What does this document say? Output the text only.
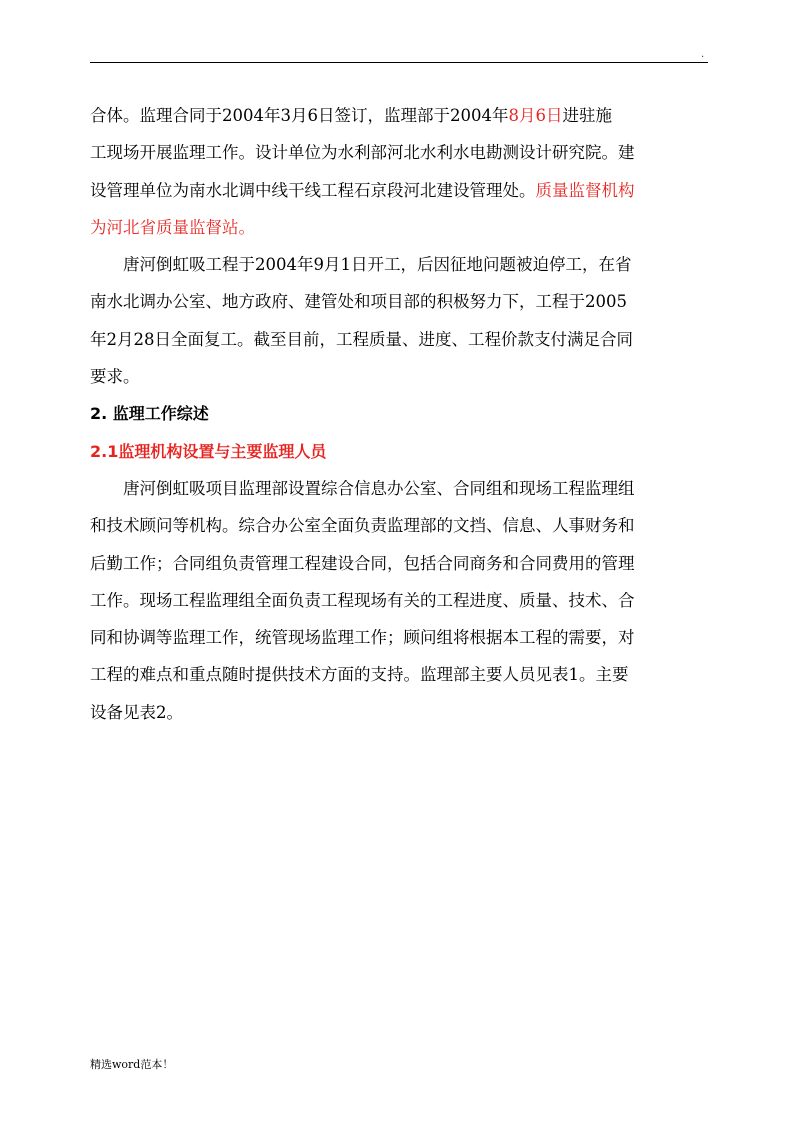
.
合体。监理合同于2004年3月6日签订，监理部于2004年8月6日进驻施
工现场开展监理工作。设计单位为水利部河北水利水电勘测设计研究院。建
设管理单位为南水北调中线干线工程石京段河北建设管理处。质量监督机构
为河北省质量监督站。
唐河倒虹吸工程于2004年9月1日开工，后因征地问题被迫停工，在省
南水北调办公室、地方政府、建管处和项目部的积极努力下，工程于2005
年2月28日全面复工。截至目前，工程质量、进度、工程价款支付满足合同
要求。
2. 监理工作综述
2.1监理机构设置与主要监理人员
唐河倒虹吸项目监理部设置综合信息办公室、合同组和现场工程监理组
和技术顾问等机构。综合办公室全面负责监理部的文挡、信息、人事财务和
后勤工作；合同组负责管理工程建设合同，包括合同商务和合同费用的管理
工作。现场工程监理组全面负责工程现场有关的工程进度、质量、技术、合
同和协调等监理工作，统管现场监理工作；顾问组将根据本工程的需要，对
工程的难点和重点随时提供技术方面的支持。监理部主要人员见表1。主要
设备见表2。
精选word范本！
